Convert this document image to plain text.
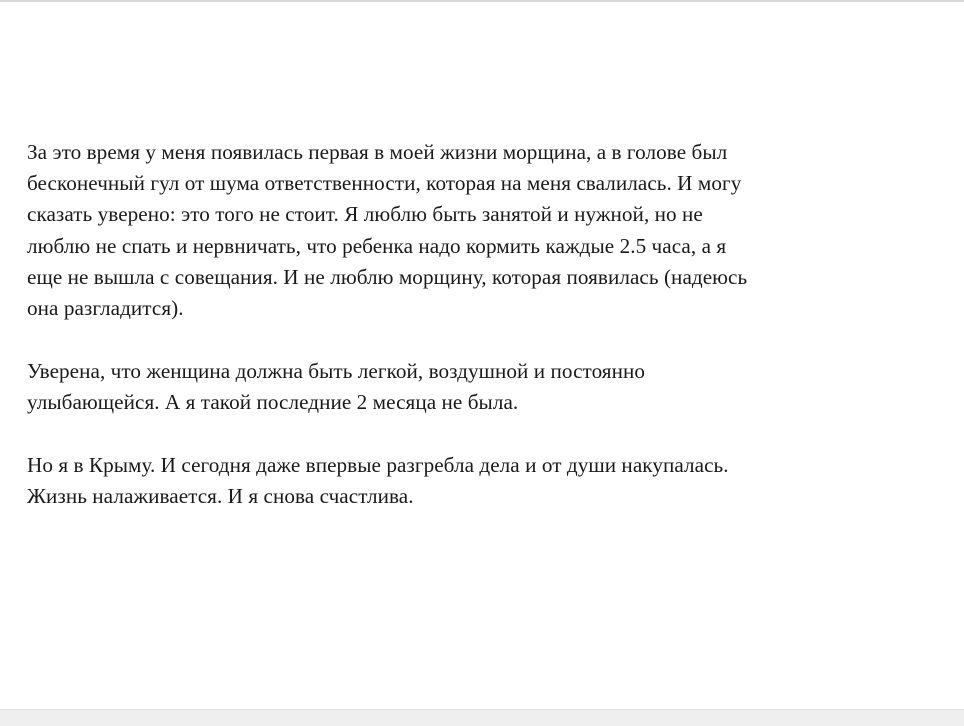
За это время у меня появилась первая в моей жизни морщина, а в голове был
бесконечный гул от шума ответственности, которая на меня свалилась. И могу
сказать уверено: это того не стоит. Я люблю быть занятой и нужной, но не
люблю не спать и нервничать, что ребенка надо кормить каждые 2.5 часа, а я
еще не вышла с совещания. И не люблю морщину, которая появилась (надеюсь
она разгладится).

Уверена, что женщина должна быть легкой, воздушной и постоянно
улыбающейся. А я такой последние 2 месяца не была.

Но я в Крыму. И сегодня даже впервые разгребла дела и от души накупалась.
Жизнь налаживается. И я снова счастлива.
